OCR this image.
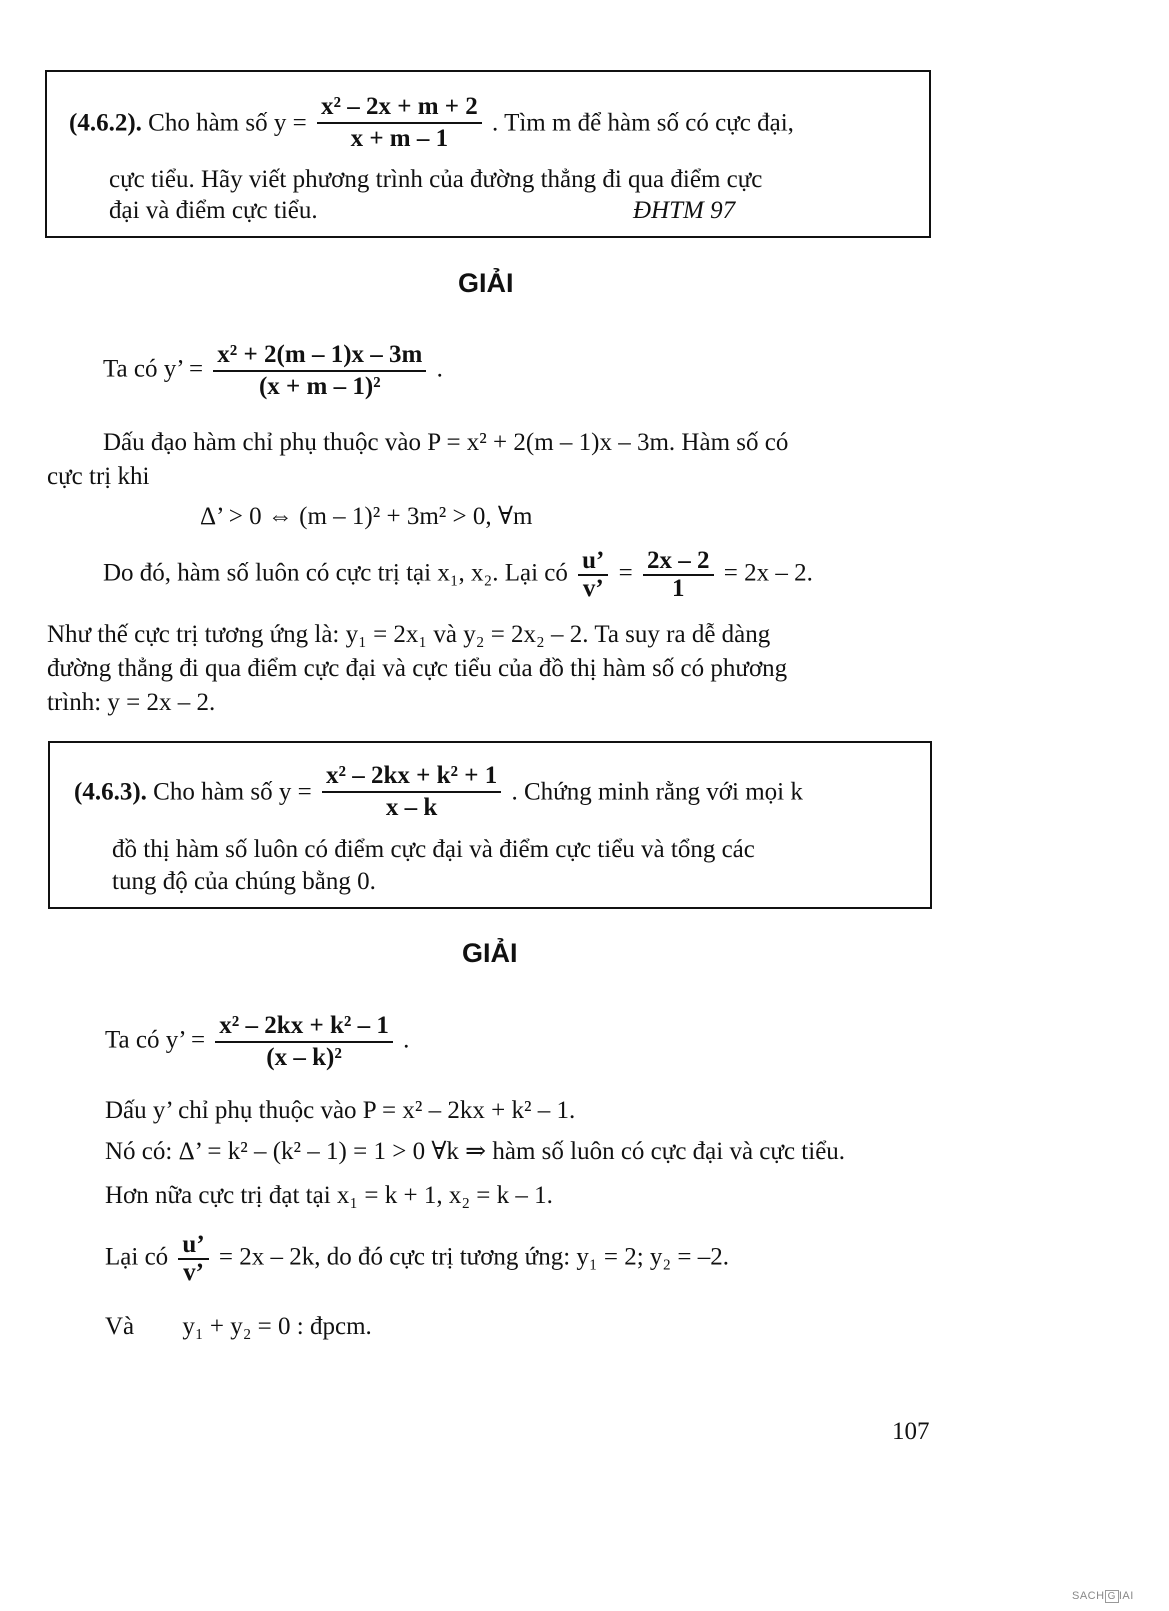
(4.6.2). Cho hàm số $y = \frac{\text{x² – 2x + m + 2}}{x + m - 1}$ . Tìm m để hàm số có cực đại,
cực tiểu. Hãy viết phương trình của đường thẳng đi qua điểm cực
đại và điểm cực tiểu.	ĐHTM 97
GIẢI
Ta có y’ = $\frac{\text{x² + 2(m – 1)x – 3m}}{\text{(x + m – 1)²}}$ .
Dấu đạo hàm chỉ phụ thuộc vào P = x² + 2(m – 1)x – 3m. Hàm số có
cực trị khi
Δ’ > 0 ⇔ (m – 1)² + 3m² > 0, ∀m
Do đó, hàm số luôn có cực trị tại x₁, x₂. Lại có $\frac{u’}{v’} = \frac{2x - 2}{1} = 2x - 2$.
Như thế cực trị tương ứng là: y₁ = 2x₁ và y₂ = 2x₂ – 2. Ta suy ra dễ dàng
đường thẳng đi qua điểm cực đại và cực tiểu của đồ thị hàm số có phương
trình: y = 2x – 2.
(4.6.3). Cho hàm số $y = \frac{\text{x² – 2kx + k² + 1}}{x - k}$ . Chứng minh rằng với mọi k
đồ thị hàm số luôn có điểm cực đại và điểm cực tiểu và tổng các
tung độ của chúng bằng 0.
GIẢI
Ta có y’ = $\frac{\text{x² – 2kx + k² – 1}}{\text{(x – k)²}}$ .
Dấu y’ chỉ phụ thuộc vào P = x² – 2kx + k² – 1.
Nó có: Δ’ = k² – (k² – 1) = 1 > 0 ∀k ⇒ hàm số luôn có cực đại và cực tiểu.
Hơn nữa cực trị đạt tại x₁ = k + 1, x₂ = k – 1.
Lại có $\frac{u’}{v’} = 2x - 2k$, do đó cực trị tương ứng: y₁ = 2; y₂ = –2.
Và y₁ + y₂ = 0 : đpcm.
107
SACH G IAI
